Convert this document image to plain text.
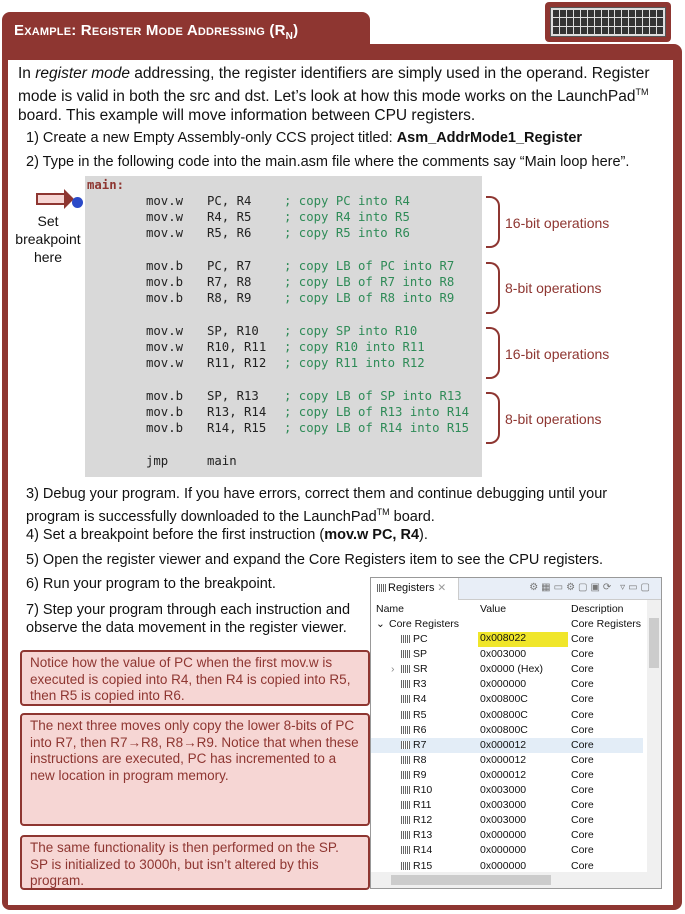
Example: Register Mode Addressing $(R_N)$
In register mode addressing, the register identifiers are simply used in the operand. Register mode is valid in both the src and dst. Let’s look at how this mode works on the LaunchPad™ board. This example will move information between CPU registers.
1) Create a new Empty Assembly-only CCS project titled: Asm_AddrMode1_Register
2) Type in the following code into the main.asm file where the comments say “Main loop here”.
Set breakpoint here
main:
mov.w PC, R4	; copy PC into R4
mov.w R4, R5	; copy R4 into R5
mov.w R5, R6	; copy R5 into R6
mov.b PC, R7	; copy LB of PC into R7
mov.b R7, R8	; copy LB of R7 into R8
mov.b R8, R9	; copy LB of R8 into R9
mov.w SP, R10 ; copy SP into R10
mov.w R10, R11 ; copy R10 into R11
mov.w R11, R12 ; copy R11 into R12
mov.b SP, R13 ; copy LB of SP into R13
mov.b R13, R14 ; copy LB of R13 into R14
mov.b R14, R15 ; copy LB of R14 into R15
jmp	main
16-bit operations
8-bit operations
16-bit operations
8-bit operations
3) Debug your program. If you have errors, correct them and continue debugging until your program is successfully downloaded to the LaunchPad™ board.
4) Set a breakpoint before the first instruction (mov.w PC, R4).
5) Open the register viewer and expand the Core Registers item to see the CPU registers.
6) Run your program to the breakpoint.
7) Step your program through each instruction and observe the data movement in the register viewer.
Notice how the value of PC when the first mov.w is executed is copied into R4, then R4 is copied into R5, then R5 is copied into R6.
The next three moves only copy the lower 8-bits of PC into R7, then R7→R8, R8→R9. Notice that when these instructions are executed, PC has incremented to a new location in program memory.
The same functionality is then performed on the SP. SP is initialized to 3000h, but isn’t altered by this program.
Registers ✕	⚙▦▭⚙▢▣⟳ ▿▭▢
Name	Value	Description
⌄ Core Registers	Core Registers
PC	0x008022	Core
SP	0x003000	Core
› SR	0x0000 (Hex)	Core
R3	0x000000	Core
R4	0x00800C	Core
R5	0x00800C	Core
R6	0x00800C	Core
R7	0x000012	Core
R8	0x000012	Core
R9	0x000012	Core
R10	0x003000	Core
R11	0x003000	Core
R12	0x003000	Core
R13	0x000000	Core
R14	0x000000	Core
R15	0x000000	Core
